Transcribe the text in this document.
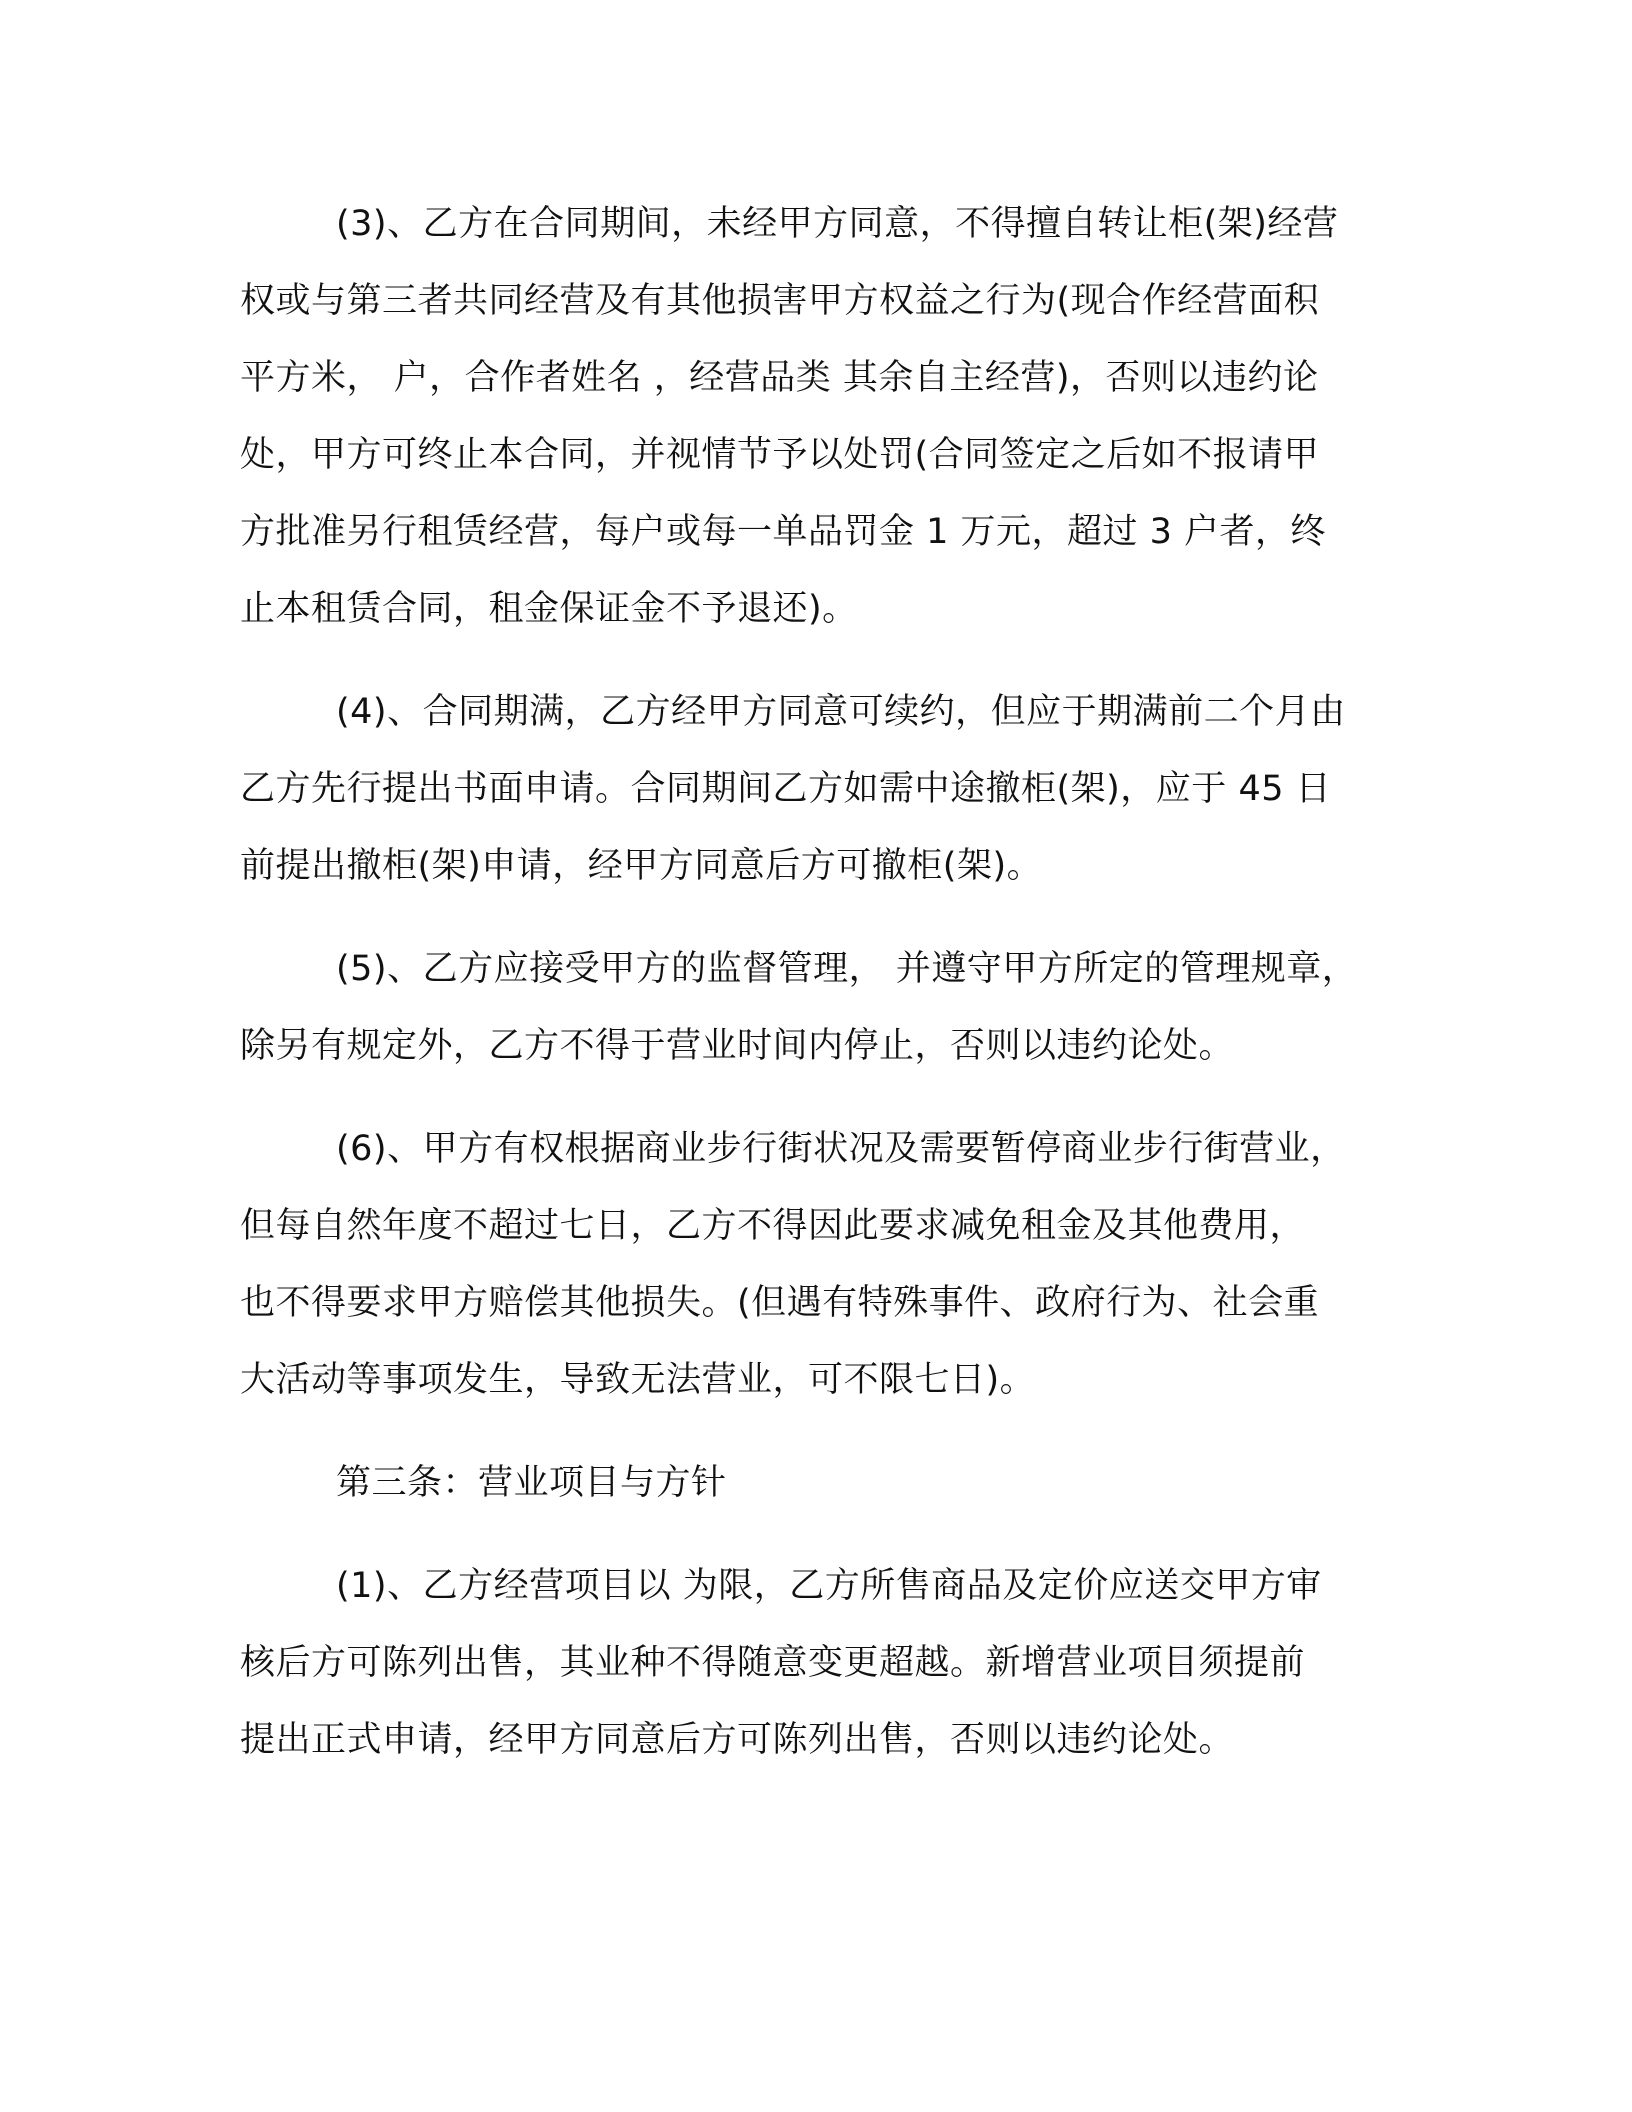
(3)、乙方在合同期间，未经甲方同意，不得擅自转让柜(架)经营
权或与第三者共同经营及有其他损害甲方权益之行为(现合作经营面积
平方米， 户，合作者姓名 ，经营品类 其余自主经营)，否则以违约论
处，甲方可终止本合同，并视情节予以处罚(合同签定之后如不报请甲
方批准另行租赁经营，每户或每一单品罚金 1 万元，超过 3 户者，终
止本租赁合同，租金保证金不予退还)。
(4)、合同期满，乙方经甲方同意可续约，但应于期满前二个月由
乙方先行提出书面申请。合同期间乙方如需中途撤柜(架)，应于 45 日
前提出撤柜(架)申请，经甲方同意后方可撤柜(架)。
(5)、乙方应接受甲方的监督管理， 并遵守甲方所定的管理规章，
除另有规定外，乙方不得于营业时间内停止，否则以违约论处。
(6)、甲方有权根据商业步行街状况及需要暂停商业步行街营业，
但每自然年度不超过七日，乙方不得因此要求减免租金及其他费用，
也不得要求甲方赔偿其他损失。(但遇有特殊事件、政府行为、社会重
大活动等事项发生，导致无法营业，可不限七日)。
第三条：营业项目与方针
(1)、乙方经营项目以 为限，乙方所售商品及定价应送交甲方审
核后方可陈列出售，其业种不得随意变更超越。新增营业项目须提前
提出正式申请，经甲方同意后方可陈列出售，否则以违约论处。
